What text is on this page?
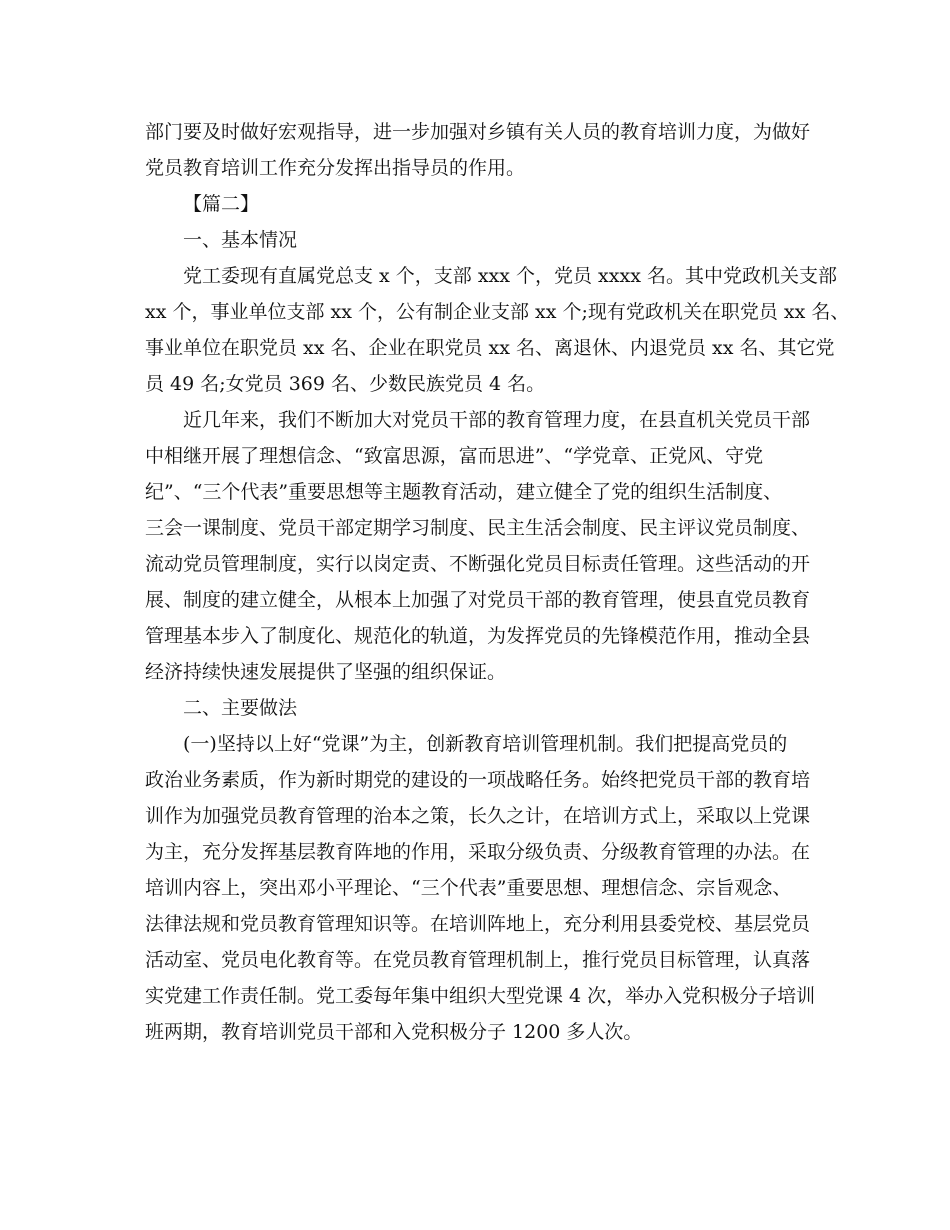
部门要及时做好宏观指导，进一步加强对乡镇有关人员的教育培训力度，为做好
党员教育培训工作充分发挥出指导员的作用。
【篇二】
一、基本情况
党工委现有直属党总支 x 个，支部 xxx 个，党员 xxxx 名。其中党政机关支部
xx 个，事业单位支部 xx 个，公有制企业支部 xx 个;现有党政机关在职党员 xx 名、
事业单位在职党员 xx 名、企业在职党员 xx 名、离退休、内退党员 xx 名、其它党
员 49 名;女党员 369 名、少数民族党员 4 名。
近几年来，我们不断加大对党员干部的教育管理力度，在县直机关党员干部
中相继开展了理想信念、“致富思源，富而思进”、“学党章、正党风、守党
纪”、“三个代表”重要思想等主题教育活动，建立健全了党的组织生活制度、
三会一课制度、党员干部定期学习制度、民主生活会制度、民主评议党员制度、
流动党员管理制度，实行以岗定责、不断强化党员目标责任管理。这些活动的开
展、制度的建立健全，从根本上加强了对党员干部的教育管理，使县直党员教育
管理基本步入了制度化、规范化的轨道，为发挥党员的先锋模范作用，推动全县
经济持续快速发展提供了坚强的组织保证。
二、主要做法
(一)坚持以上好“党课”为主，创新教育培训管理机制。我们把提高党员的
政治业务素质，作为新时期党的建设的一项战略任务。始终把党员干部的教育培
训作为加强党员教育管理的治本之策，长久之计，在培训方式上，采取以上党课
为主，充分发挥基层教育阵地的作用，采取分级负责、分级教育管理的办法。在
培训内容上，突出邓小平理论、“三个代表”重要思想、理想信念、宗旨观念、
法律法规和党员教育管理知识等。在培训阵地上，充分利用县委党校、基层党员
活动室、党员电化教育等。在党员教育管理机制上，推行党员目标管理，认真落
实党建工作责任制。党工委每年集中组织大型党课 4 次，举办入党积极分子培训
班两期，教育培训党员干部和入党积极分子 1200 多人次。
